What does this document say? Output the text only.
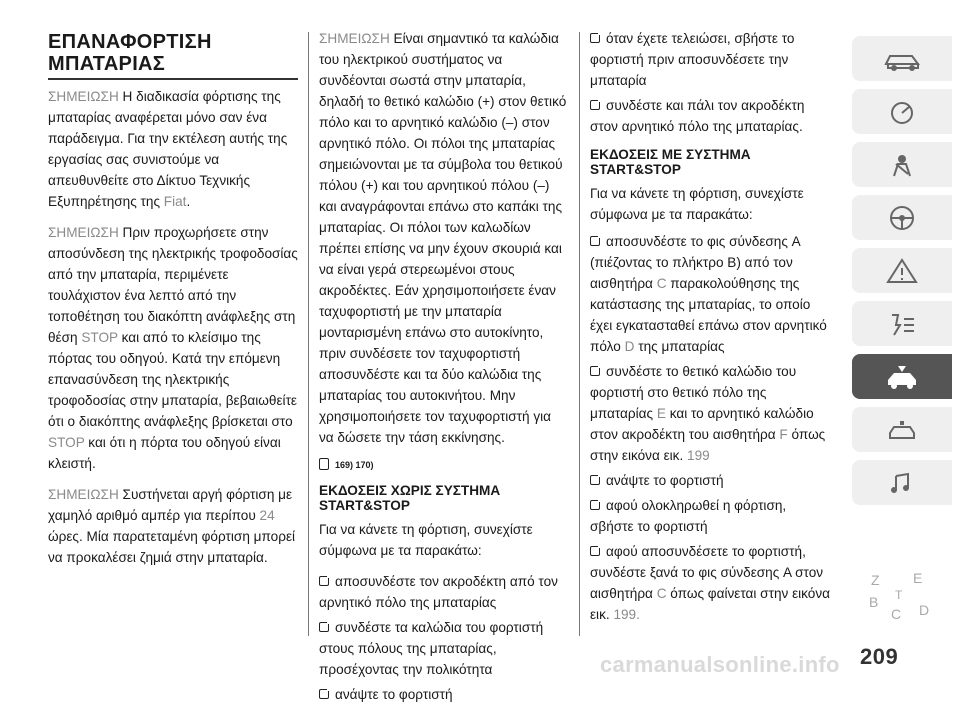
ΕΠΑΝΑΦΟΡΤΙΣΗ
ΜΠΑΤΑΡΙΑΣ

ΣΗΜΕΙΩΣΗ Η διαδικασία φόρτισης της μπαταρίας αναφέρεται μόνο σαν ένα παράδειγμα. Για την εκτέλεση αυτής της εργασίας σας συνιστούμε να απευθυνθείτε στο Δίκτυο Τεχνικής Εξυπηρέτησης της Fiat.

ΣΗΜΕΙΩΣΗ Πριν προχωρήσετε στην αποσύνδεση της ηλεκτρικής τροφοδοσίας από την μπαταρία, περιμένετε τουλάχιστον ένα λεπτό από την τοποθέτηση του διακόπτη ανάφλεξης στη θέση STOP και από το κλείσιμο της πόρτας του οδηγού. Κατά την επόμενη επανασύνδεση της ηλεκτρικής τροφοδοσίας στην μπαταρία, βεβαιωθείτε ότι ο διακόπτης ανάφλεξης βρίσκεται στο STOP και ότι η πόρτα του οδηγού είναι κλειστή.

ΣΗΜΕΙΩΣΗ Συστήνεται αργή φόρτιση με χαμηλό αριθμό αμπέρ για περίπου 24 ώρες. Μία παρατεταμένη φόρτιση μπορεί να προκαλέσει ζημιά στην μπαταρία.

ΣΗΜΕΙΩΣΗ Είναι σημαντικό τα καλώδια του ηλεκτρικού συστήματος να συνδέονται σωστά στην μπαταρία, δηλαδή το θετικό καλώδιο (+) στον θετικό πόλο και το αρνητικό καλώδιο (–) στον αρνητικό πόλο. Οι πόλοι της μπαταρίας σημειώνονται με τα σύμβολα του θετικού πόλου (+) και του αρνητικού πόλου (–) και αναγράφονται επάνω στο καπάκι της μπαταρίας. Οι πόλοι των καλωδίων πρέπει επίσης να μην έχουν σκουριά και να είναι γερά στερεωμένοι στους ακροδέκτες. Εάν χρησιμοποιήσετε έναν ταχυφορτιστή με την μπαταρία μονταρισμένη επάνω στο αυτοκίνητο, πριν συνδέσετε τον ταχυφορτιστή αποσυνδέστε και τα δύο καλώδια της μπαταρίας του αυτοκινήτου. Μην χρησιμοποιήσετε τον ταχυφορτιστή για να δώσετε την τάση εκκίνησης.

169) 170)
ΕΚΔΟΣΕΙΣ ΧΩΡΙΣ ΣΥΣΤΗΜΑ START&STOP

Για να κάνετε τη φόρτιση, συνεχίστε σύμφωνα με τα παρακάτω:

αποσυνδέστε τον ακροδέκτη από τον αρνητικό πόλο της μπαταρίας
συνδέστε τα καλώδια του φορτιστή στους πόλους της μπαταρίας, προσέχοντας την πολικότητα
ανάψτε το φορτιστή
όταν έχετε τελειώσει, σβήστε το φορτιστή πριν αποσυνδέσετε την μπαταρία
συνδέστε και πάλι τον ακροδέκτη στον αρνητικό πόλο της μπαταρίας.
ΕΚΔΟΣΕΙΣ ΜΕ ΣΥΣΤΗΜΑ START&STOP

Για να κάνετε τη φόρτιση, συνεχίστε σύμφωνα με τα παρακάτω:

αποσυνδέστε το φις σύνδεσης A (πιέζοντας το πλήκτρο B) από τον αισθητήρα C παρακολούθησης της κατάστασης της μπαταρίας, το οποίο έχει εγκατασταθεί επάνω στον αρνητικό πόλο D της μπαταρίας
συνδέστε το θετικό καλώδιο του φορτιστή στο θετικό πόλο της μπαταρίας E και το αρνητικό καλώδιο στον ακροδέκτη του αισθητήρα F όπως στην εικόνα εικ. 199
ανάψτε το φορτιστή
αφού ολοκληρωθεί η φόρτιση, σβήστε το φορτιστή
αφού αποσυνδέσετε το φορτιστή, συνδέστε ξανά το φις σύνδεσης A στον αισθητήρα C όπως φαίνεται στην εικόνα εικ. 199.
Z E
B
C D
T
carmanualsonline.info 209
